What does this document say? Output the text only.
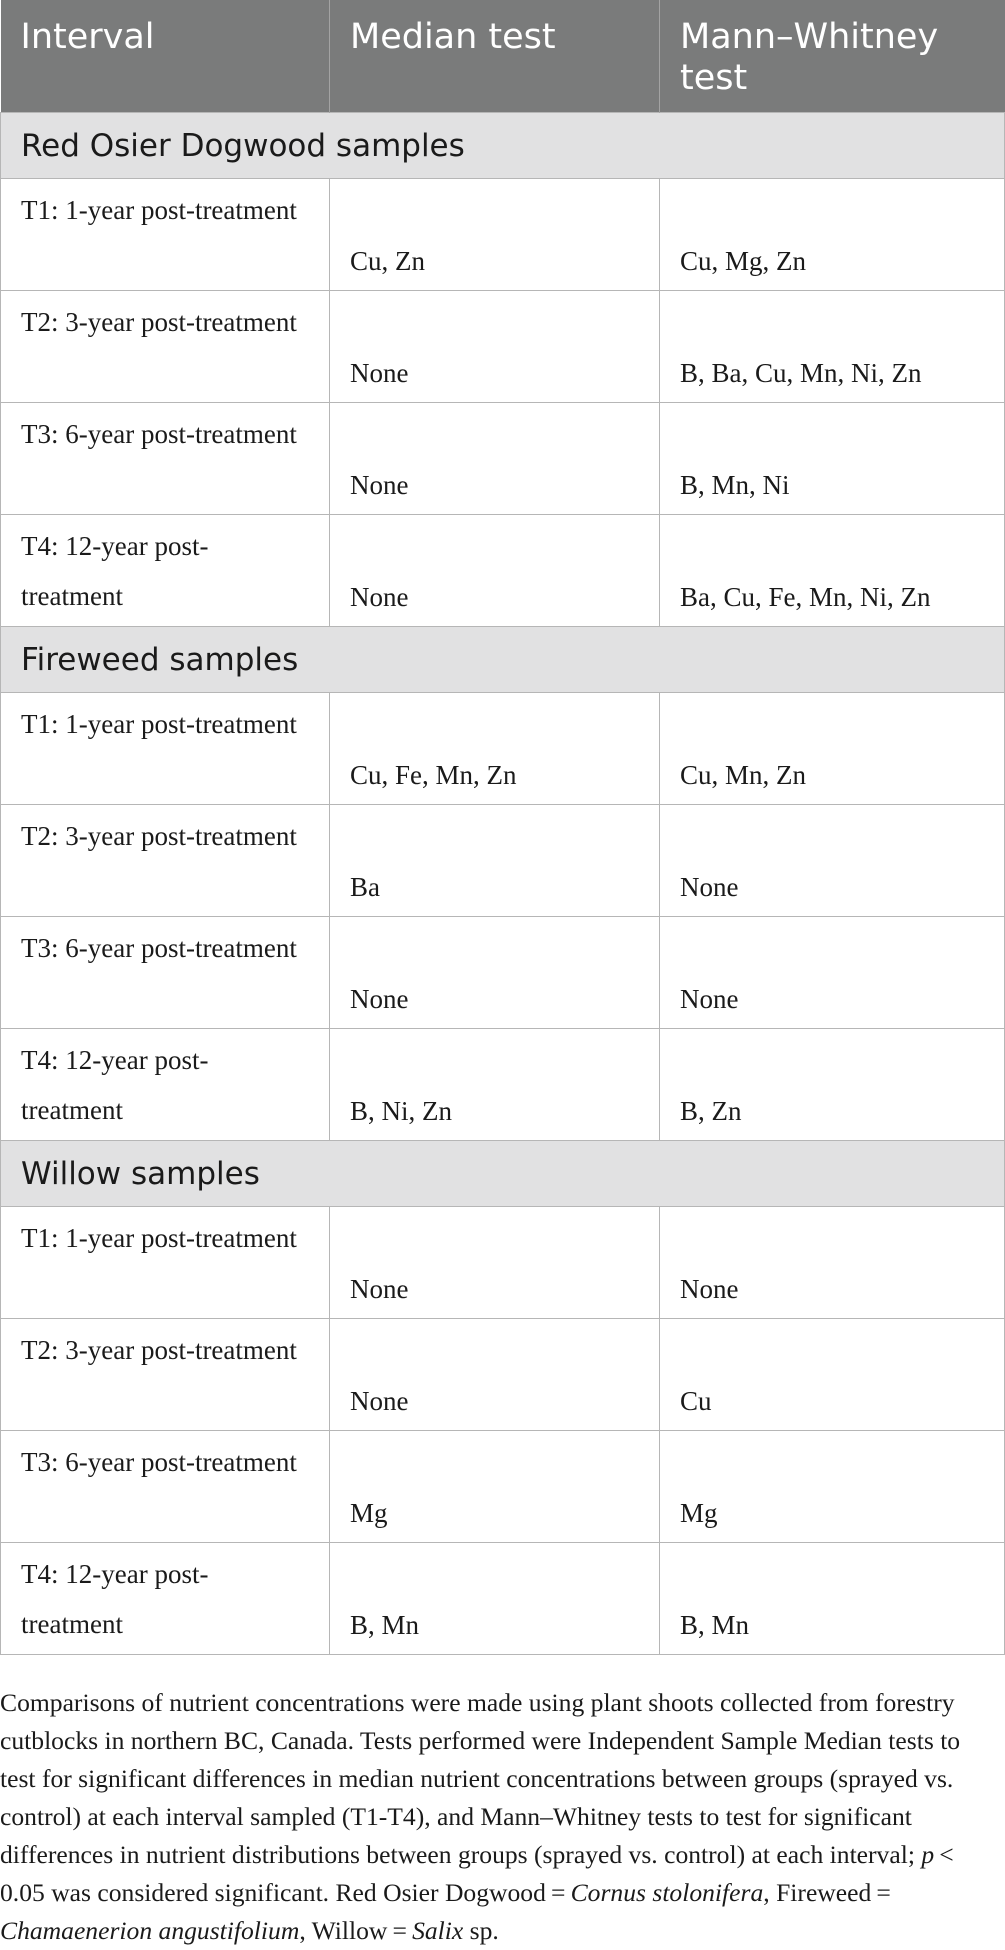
Interval	Median test	Mann–Whitney test
Red Osier Dogwood samples		
T1: 1-year post-treatment	Cu, Zn	Cu, Mg, Zn
T2: 3-year post-treatment	None	B, Ba, Cu, Mn, Ni, Zn
T3: 6-year post-treatment	None	B, Mn, Ni
T4: 12-year post-treatment	None	Ba, Cu, Fe, Mn, Ni, Zn
Fireweed samples		
T1: 1-year post-treatment	Cu, Fe, Mn, Zn	Cu, Mn, Zn
T2: 3-year post-treatment	Ba	None
T3: 6-year post-treatment	None	None
T4: 12-year post-treatment	B, Ni, Zn	B, Zn
Willow samples		
T1: 1-year post-treatment	None	None
T2: 3-year post-treatment	None	Cu
T3: 6-year post-treatment	Mg	Mg
T4: 12-year post-treatment	B, Mn	B, Mn

Comparisons of nutrient concentrations were made using plant shoots collected from forestry cutblocks in northern BC, Canada. Tests performed were Independent Sample Median tests to test for significant differences in median nutrient concentrations between groups (sprayed vs. control) at each interval sampled (T1-T4), and Mann–Whitney tests to test for significant differences in nutrient distributions between groups (sprayed vs. control) at each interval; p < 0.05 was considered significant. Red Osier Dogwood = Cornus stolonifera, Fireweed = Chamaenerion angustifolium, Willow = Salix sp.
